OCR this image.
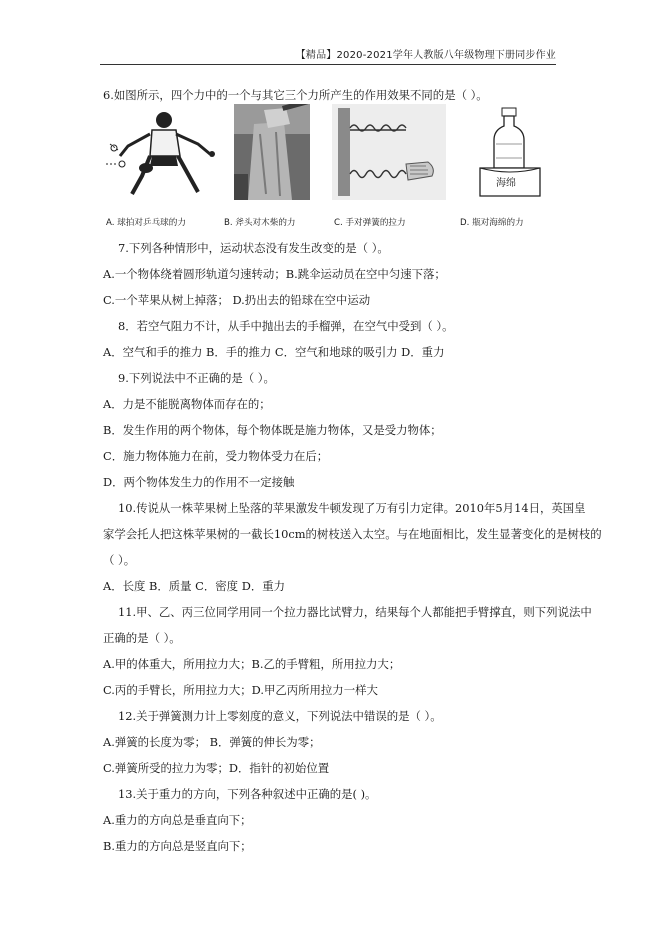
【精品】2020-2021学年人教版八年级物理下册同步作业
6.如图所示，四个力中的一个与其它三个力所产生的作用效果不同的是（ ）。
海绵
A. 球拍对乒乓球的力	B. 斧头对木柴的力	C. 手对弹簧的拉力	D. 瓶对海绵的力
7.下列各种情形中，运动状态没有发生改变的是（ ）。
A.一个物体绕着圆形轨道匀速转动；B.跳伞运动员在空中匀速下落；
C.一个苹果从树上掉落； D.扔出去的铅球在空中运动
8．若空气阻力不计，从手中抛出去的手榴弹，在空气中受到（ ）。
A．空气和手的推力 B．手的推力 C．空气和地球的吸引力 D．重力
9.下列说法中不正确的是（ ）。
A．力是不能脱离物体而存在的；
B．发生作用的两个物体，每个物体既是施力物体，又是受力物体；
C．施力物体施力在前，受力物体受力在后；
D．两个物体发生力的作用不一定接触
10.传说从一株苹果树上坠落的苹果激发牛顿发现了万有引力定律。2010年5月14日，英国皇
家学会托人把这株苹果树的一截长10cm的树枝送入太空。与在地面相比，发生显著变化的是树枝的
（ ）。
A．长度 B．质量 C．密度 D．重力
11.甲、乙、丙三位同学用同一个拉力器比试臂力，结果每个人都能把手臂撑直，则下列说法中
正确的是（ ）。
A.甲的体重大，所用拉力大；B.乙的手臂粗，所用拉力大；
C.丙的手臂长，所用拉力大；D.甲乙丙所用拉力一样大
12.关于弹簧测力计上零刻度的意义，下列说法中错误的是（ ）。
A.弹簧的长度为零； B．弹簧的伸长为零；
C.弹簧所受的拉力为零；D．指针的初始位置
13.关于重力的方向，下列各种叙述中正确的是( )。
A.重力的方向总是垂直向下；
B.重力的方向总是竖直向下；
